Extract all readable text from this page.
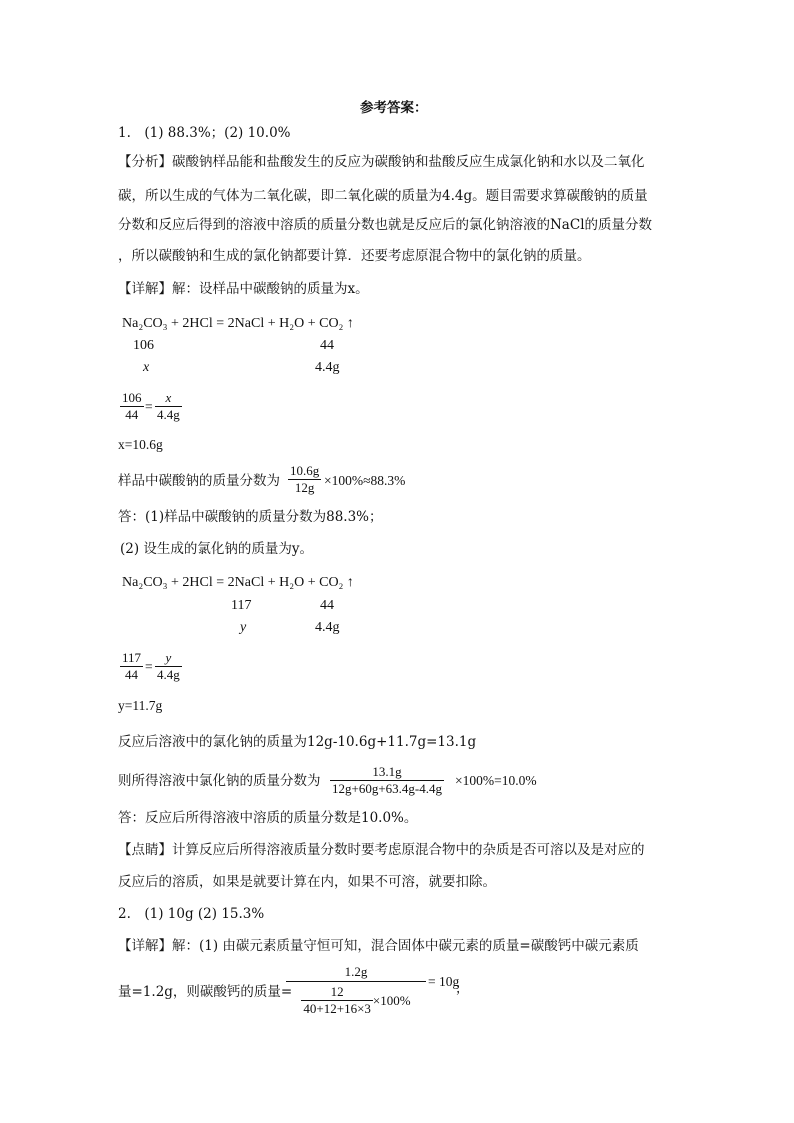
参考答案：
1.　(1) 88.3%；(2) 10.0%
【分析】碳酸钠样品能和盐酸发生的反应为碳酸钠和盐酸反应生成氯化钠和水以及二氧化
碳，所以生成的气体为二氧化碳，即二氧化碳的质量为4.4g。题目需要求算碳酸钠的质量
分数和反应后得到的溶液中溶质的质量分数也就是反应后的氯化钠溶液的NaCl的质量分数
，所以碳酸钠和生成的氯化钠都要计算．还要考虑原混合物中的氯化钠的质量。
【详解】解：设样品中碳酸钠的质量为x。
Na₂CO₃ + 2HCl = 2NaCl + H₂O + CO₂ ↑
106	44
x	4.4g
$\frac{106}{44} = \frac{x}{4.4g}$
x=10.6g
样品中碳酸钠的质量分数为 $\frac{10.6g}{12g} \times 100\%\approx 88.3\%$
答：(1)样品中碳酸钠的质量分数为88.3%；
(2) 设生成的氯化钠的质量为y。
Na₂CO₃ + 2HCl = 2NaCl + H₂O + CO₂ ↑
117	44
y	4.4g
$\frac{117}{44} = \frac{y}{4.4g}$
y=11.7g
反应后溶液中的氯化钠的质量为12g-10.6g+11.7g=13.1g
则所得溶液中氯化钠的质量分数为 $\frac{13.1g}{12g+60g+63.4g-4.4g} \times 100\%=10.0\%$
答：反应后所得溶液中溶质的质量分数是10.0%。
【点睛】计算反应后所得溶液质量分数时要考虑原混合物中的杂质是否可溶以及是对应的
反应后的溶质，如果是就要计算在内，如果不可溶，就要扣除。
2.　(1) 10g (2) 15.3%
【详解】解：(1) 由碳元素质量守恒可知，混合固体中碳元素的质量=碳酸钙中碳元素质
量=1.2g，则碳酸钙的质量=
1.2g
$\frac{12}{40+12+16\times 3} \times 100\%$
= 10g
；
